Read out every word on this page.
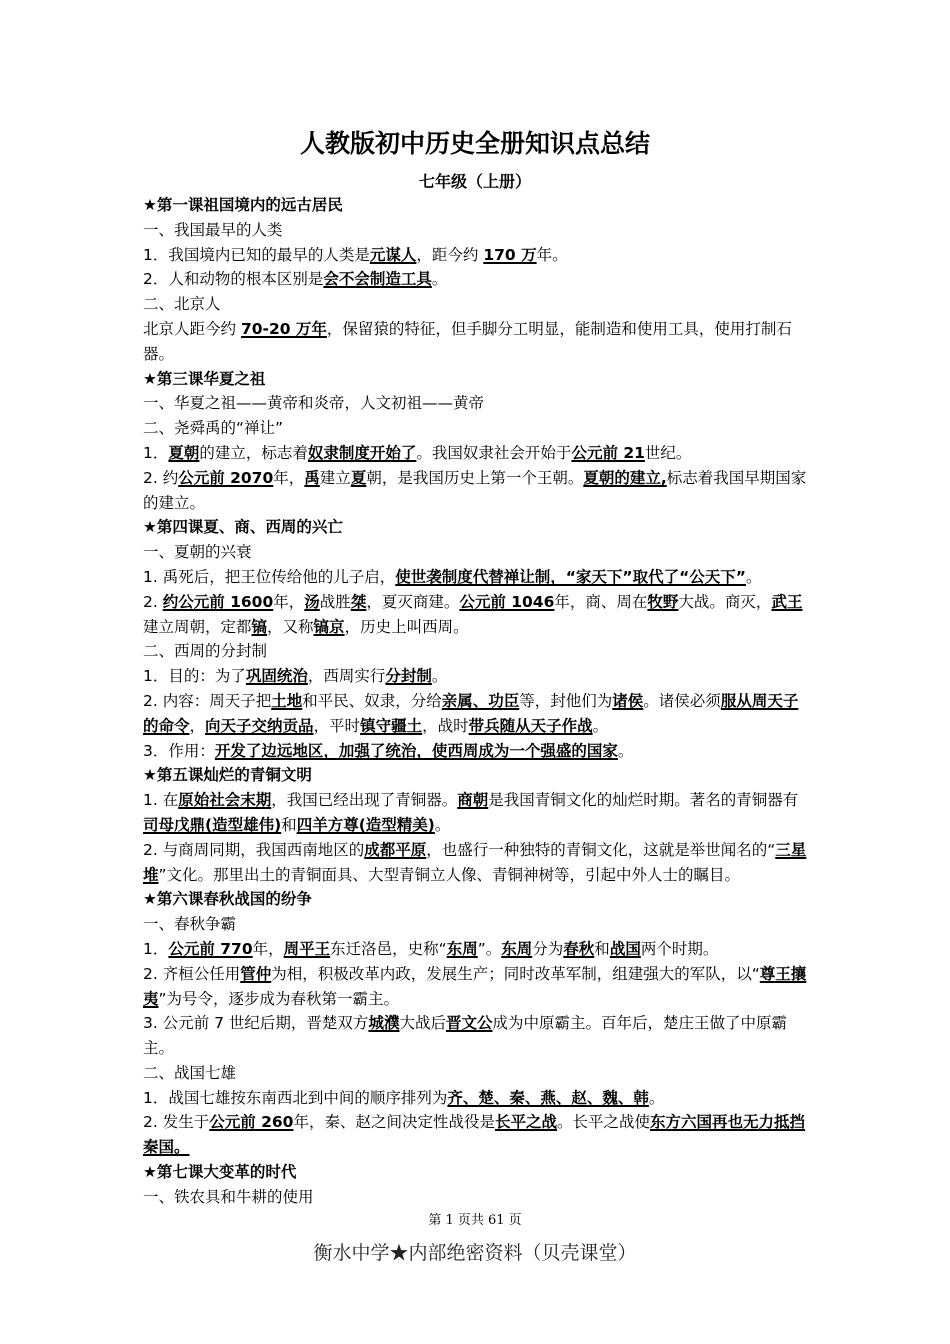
人教版初中历史全册知识点总结
七年级（上册）
★第一课祖国境内的远古居民
一、我国最早的人类
1．我国境内已知的最早的人类是元谋人，距今约 170 万年。
2．人和动物的根本区别是会不会制造工具。
二、北京人
北京人距今约 70-20 万年，保留猿的特征，但手脚分工明显，能制造和使用工具，使用打制石器。
★第三课华夏之祖
一、华夏之祖——黄帝和炎帝，人文初祖——黄帝
二、尧舜禹的“禅让”
1．夏朝的建立，标志着奴隶制度开始了。我国奴隶社会开始于公元前 21世纪。
2. 约公元前 2070年，禹建立夏朝，是我国历史上第一个王朝。夏朝的建立,标志着我国早期国家的建立。
★第四课夏、商、西周的兴亡
一、夏朝的兴衰
1. 禹死后，把王位传给他的儿子启，使世袭制度代替禅让制，“家天下”取代了“公天下”。
2. 约公元前 1600年，汤战胜桀，夏灭商建。公元前 1046年，商、周在牧野大战。商灭，武王建立周朝，定都镐，又称镐京，历史上叫西周。
二、西周的分封制
1．目的：为了巩固统治，西周实行分封制。
2. 内容：周天子把土地和平民、奴隶，分给亲属、功臣等，封他们为诸侯。诸侯必须服从周天子的命令，向天子交纳贡品，平时镇守疆土，战时带兵随从天子作战。
3．作用：开发了边远地区，加强了统治，使西周成为一个强盛的国家。
★第五课灿烂的青铜文明
1. 在原始社会末期，我国已经出现了青铜器。商朝是我国青铜文化的灿烂时期。著名的青铜器有司母戊鼎(造型雄伟)和四羊方尊(造型精美)。
2. 与商周同期，我国西南地区的成都平原，也盛行一种独特的青铜文化，这就是举世闻名的“三星堆”文化。那里出土的青铜面具、大型青铜立人像、青铜神树等，引起中外人士的瞩目。
★第六课春秋战国的纷争
一、春秋争霸
1．公元前 770年，周平王东迁洛邑，史称“东周”。东周分为春秋和战国两个时期。
2. 齐桓公任用管仲为相，积极改革内政，发展生产；同时改革军制，组建强大的军队，以“尊王攘夷”为号令，逐步成为春秋第一霸主。
3. 公元前 7 世纪后期，晋楚双方城濮大战后晋文公成为中原霸主。百年后，楚庄王做了中原霸主。
二、战国七雄
1．战国七雄按东南西北到中间的顺序排列为齐、楚、秦、燕、赵、魏、韩。
2. 发生于公元前 260年，秦、赵之间决定性战役是长平之战。长平之战使东方六国再也无力抵挡秦国。
★第七课大变革的时代
一、铁农具和牛耕的使用
第 1 页共 61 页
衡水中学★内部绝密资料（贝壳课堂）
